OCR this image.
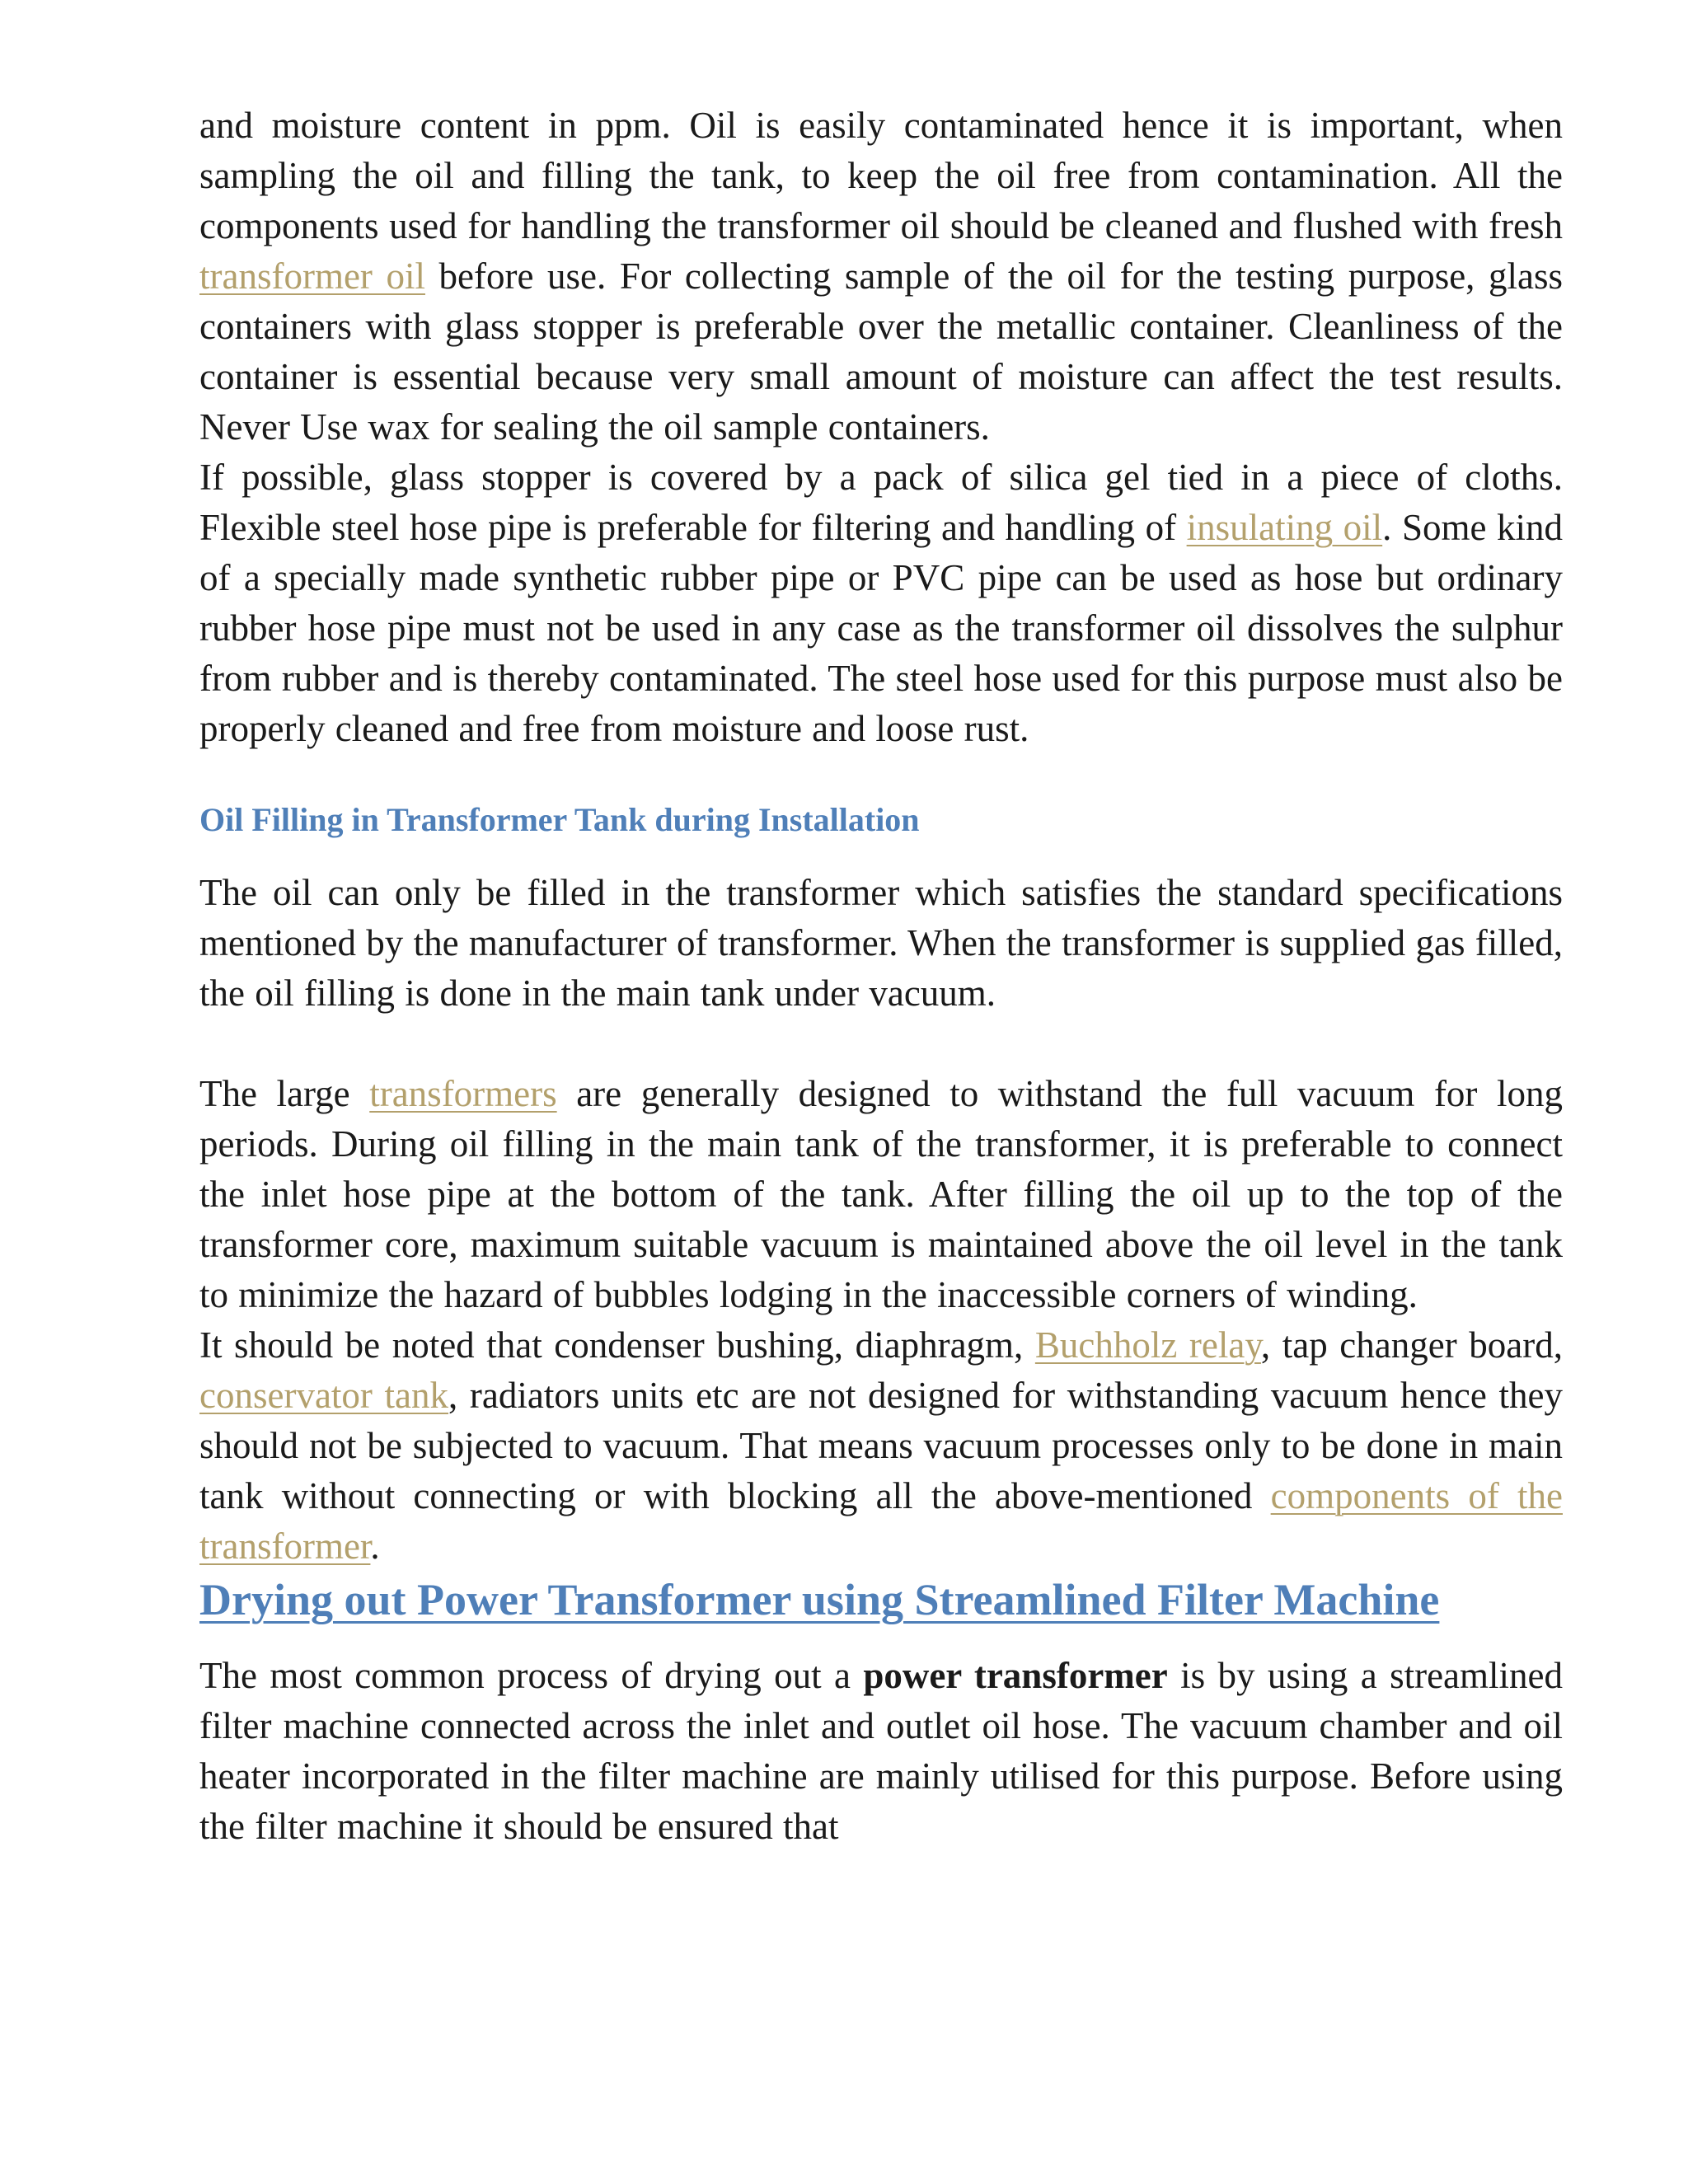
and moisture content in ppm. Oil is easily contaminated hence it is important, when sampling the oil and filling the tank, to keep the oil free from contamination. All the components used for handling the transformer oil should be cleaned and flushed with fresh transformer oil before use. For collecting sample of the oil for the testing purpose, glass containers with glass stopper is preferable over the metallic container. Cleanliness of the container is essential because very small amount of moisture can affect the test results. Never Use wax for sealing the oil sample containers.

If possible, glass stopper is covered by a pack of silica gel tied in a piece of cloths. Flexible steel hose pipe is preferable for filtering and handling of insulating oil. Some kind of a specially made synthetic rubber pipe or PVC pipe can be used as hose but ordinary rubber hose pipe must not be used in any case as the transformer oil dissolves the sulphur from rubber and is thereby contaminated. The steel hose used for this purpose must also be properly cleaned and free from moisture and loose rust.

Oil Filling in Transformer Tank during Installation

The oil can only be filled in the transformer which satisfies the standard specifications mentioned by the manufacturer of transformer. When the transformer is supplied gas filled, the oil filling is done in the main tank under vacuum.

The large transformers are generally designed to withstand the full vacuum for long periods. During oil filling in the main tank of the transformer, it is preferable to connect the inlet hose pipe at the bottom of the tank. After filling the oil up to the top of the transformer core, maximum suitable vacuum is maintained above the oil level in the tank to minimize the hazard of bubbles lodging in the inaccessible corners of winding.

It should be noted that condenser bushing, diaphragm, Buchholz relay, tap changer board, conservator tank, radiators units etc are not designed for withstanding vacuum hence they should not be subjected to vacuum. That means vacuum processes only to be done in main tank without connecting or with blocking all the above-mentioned components of the transformer.

Drying out Power Transformer using Streamlined Filter Machine

The most common process of drying out a power transformer is by using a streamlined filter machine connected across the inlet and outlet oil hose. The vacuum chamber and oil heater incorporated in the filter machine are mainly utilised for this purpose. Before using the filter machine it should be ensured that
